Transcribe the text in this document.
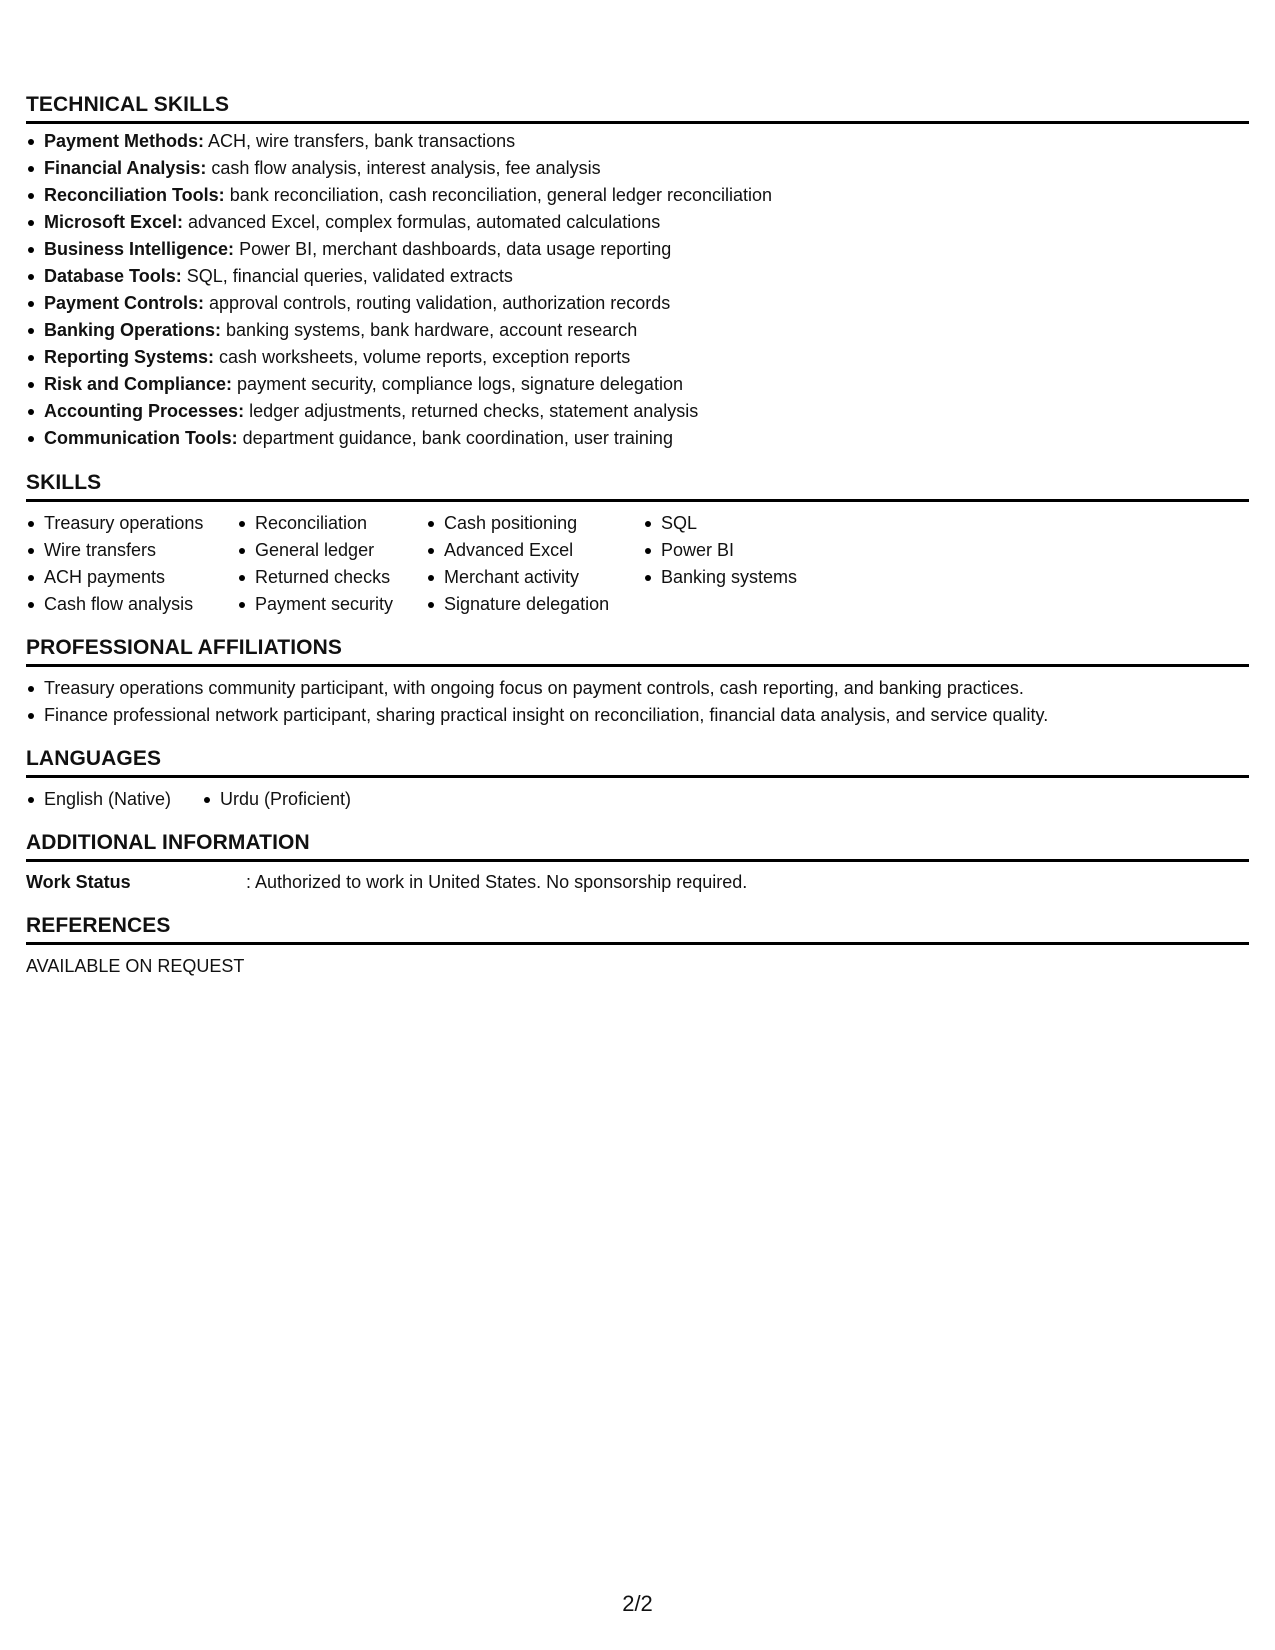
TECHNICAL SKILLS
Payment Methods: ACH, wire transfers, bank transactions
Financial Analysis: cash flow analysis, interest analysis, fee analysis
Reconciliation Tools: bank reconciliation, cash reconciliation, general ledger reconciliation
Microsoft Excel: advanced Excel, complex formulas, automated calculations
Business Intelligence: Power BI, merchant dashboards, data usage reporting
Database Tools: SQL, financial queries, validated extracts
Payment Controls: approval controls, routing validation, authorization records
Banking Operations: banking systems, bank hardware, account research
Reporting Systems: cash worksheets, volume reports, exception reports
Risk and Compliance: payment security, compliance logs, signature delegation
Accounting Processes: ledger adjustments, returned checks, statement analysis
Communication Tools: department guidance, bank coordination, user training
SKILLS
Treasury operations
Wire transfers
ACH payments
Cash flow analysis
Reconciliation
General ledger
Returned checks
Payment security
Cash positioning
Advanced Excel
Merchant activity
Signature delegation
SQL
Power BI
Banking systems
PROFESSIONAL AFFILIATIONS
Treasury operations community participant, with ongoing focus on payment controls, cash reporting, and banking practices.
Finance professional network participant, sharing practical insight on reconciliation, financial data analysis, and service quality.
LANGUAGES
English (Native)	Urdu (Proficient)
ADDITIONAL INFORMATION
Work Status	: Authorized to work in United States. No sponsorship required.
REFERENCES
AVAILABLE ON REQUEST
2/2
